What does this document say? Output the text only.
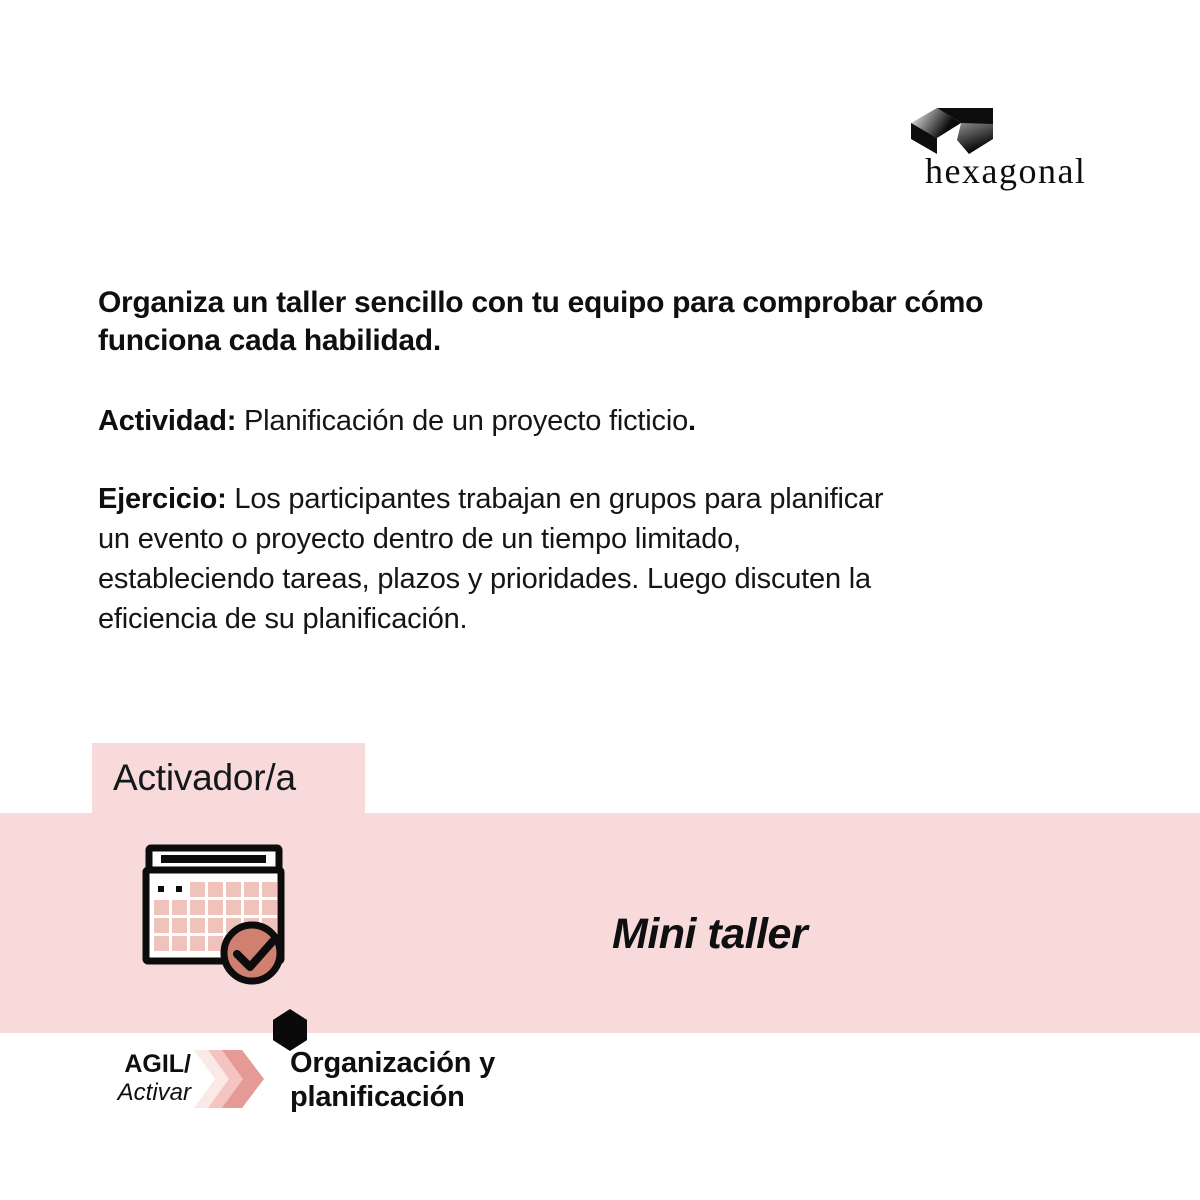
hexagonal

Organiza un taller sencillo con tu equipo para comprobar cómo
funciona cada habilidad.

Actividad: Planificación de un proyecto ficticio.

Ejercicio: Los participantes trabajan en grupos para planificar
un evento o proyecto dentro de un tiempo limitado,
estableciendo tareas, plazos y prioridades. Luego discuten la
eficiencia de su planificación.

Activador/a
Mini taller
AGIL/
Activar
Organización y
planificación
